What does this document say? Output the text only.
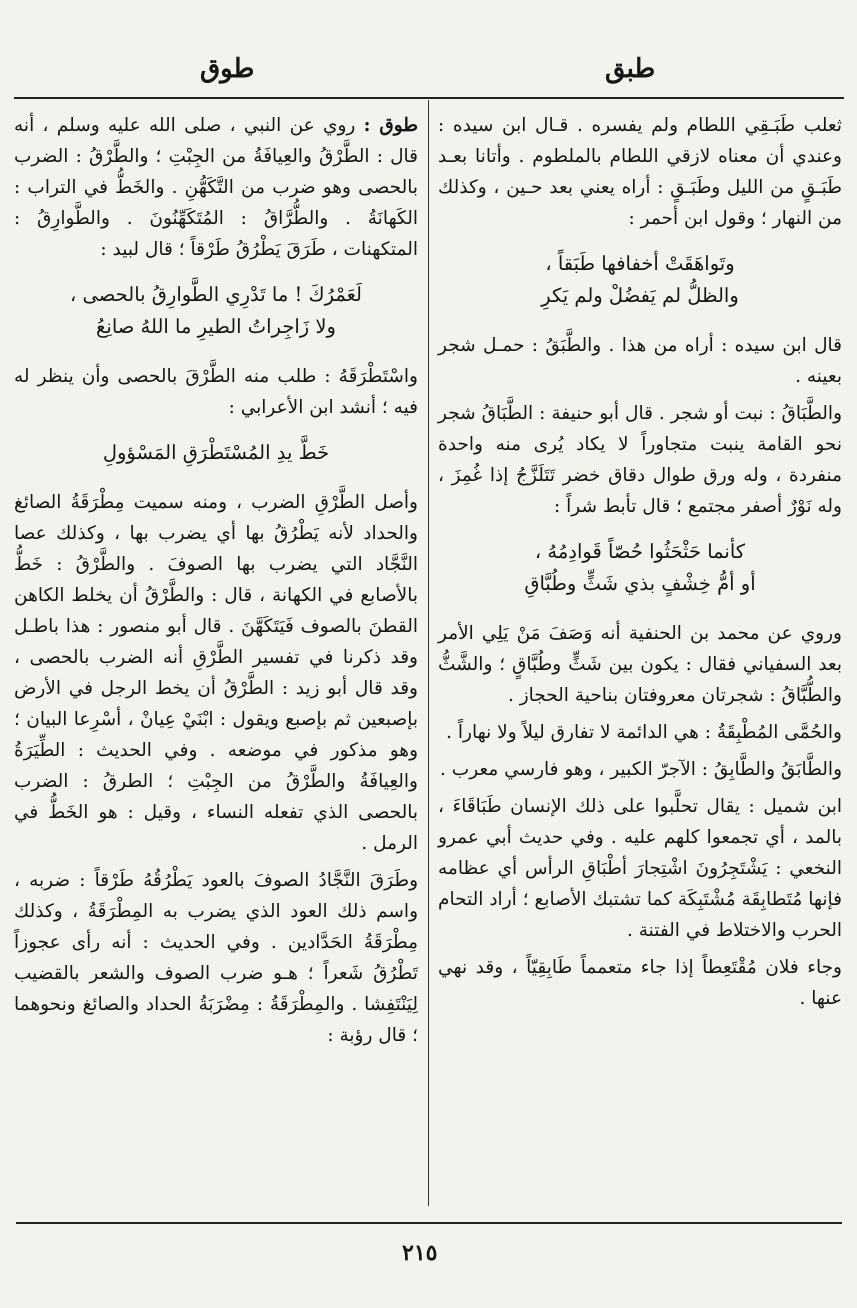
طبق
طوق

ثعلب طَبَـقِي اللطام ولم يفسره . قـال ابن سيده : وعندي أن معناه لازقي اللطام بالملطوم . وأتانا بعـد طَبَـقٍ من الليل وطَبَـقٍ : أراه يعني بعد حـين ، وكذلك من النهار ؛ وقول ابن أحمر :

وتَواهَقَتْ أخفافها طَبَقاً ،
والظلُّ لم يَفضُلْ ولم يَكرِ

قال ابن سيده : أراه من هذا . والطَّبَقُ : حمـل شجر بعينه .

والطَّبَاقُ : نبت أو شجر . قال أبو حنيفة : الطَّبَاقُ شجر نحو القامة ينبت متجاوراً لا يكاد يُرى منه واحدة منفردة ، وله ورق طوال دقاق خضر تَتَلَزَّجُ إذا غُمِزَ ، وله نَوْرٌ أصفر مجتمع ؛ قال تأبط شراً :

كأنما حَثْحَثُوا حُصّاً قَوادِمُهُ ،
أو أمُّ خِشْفٍ بذي شَثٍّ وطُبَّاقِ

وروي عن محمد بن الحنفية أنه وَصَفَ مَنْ يَلِي الأمر بعد السفياني فقال : يكون بين شَثٍّ وطُبَّاقٍ ؛ والشَّثُّ والطُّبَّاقُ : شجرتان معروفتان بناحية الحجاز .

والحُمَّى المُطْبِقَةُ : هي الدائمة لا تفارق ليلاً ولا نهاراً .

والطَّابَقُ والطَّابِقُ : الآجرّ الكبير ، وهو فارسي معرب .

ابن شميل : يقال تحلَّبوا على ذلك الإنسان طَبَاقَاءَ ، بالمد ، أي تجمعوا كلهم عليه . وفي حديث أبي عمرو النخعي : يَشْتَجِرُونَ اشْتِجارَ أطْبَاقِ الرأس أي عظامه فإنها مُتَطابِقَة مُشْتَبِكَة كما تشتبك الأصابع ؛ أراد التحام الحرب والاختلاط في الفتنة .

وجاء فلان مُقْتَعِطاً إذا جاء متعمماً طَابِقِيّاً ، وقد نهي عنها .

طوق : روي عن النبي ، صلى الله عليه وسلم ، أنه قال : الطَّرْقُ والعِيافَةُ من الجِبْتِ ؛ والطَّرْقُ : الضرب بالحصى وهو ضرب من التَّكَهُّنِ . والخَطُّ في التراب : الكَهانَةُ . والطُّرَّاقُ : المُتَكَهِّنُونَ . والطَّوارِقُ : المتكهنات ، طَرَقَ يَطْرُقُ طَرْقاً ؛ قال لبيد :

لَعَمْرُكَ ! ما تَدْرِي الطَّوارِقُ بالحصى ،
ولا زَاجِراتُ الطيرِ ما اللهُ صانِعُ

واسْتَطْرَقَهُ : طلب منه الطَّرْقَ بالحصى وأن ينظر له فيه ؛ أنشد ابن الأعرابي :

خَطَّ يدِ المُسْتَطْرَقِ المَسْؤولِ

وأصل الطَّرْقِ الضرب ، ومنه سميت مِطْرَقَةُ الصائغ والحداد لأنه يَطْرُقُ بها أي يضرب بها ، وكذلك عصا النَّجَّاد التي يضرب بها الصوفَ . والطَّرْقُ : خَطُّ بالأصابع في الكهانة ، قال : والطَّرْقُ أن يخلط الكاهن القطنَ بالصوف فَيَتَكَهَّنَ . قال أبو منصور : هذا باطـل وقد ذكرنا في تفسير الطَّرْقِ أنه الضرب بالحصى ، وقد قال أبو زيد : الطَّرْقُ أن يخط الرجل في الأرض بإصبعين ثم بإصبع ويقول : ابْنَيْ عِيانْ ، أسْرِعا البيان ؛ وهو مذكور في موضعه . وفي الحديث : الطِّيَرَةُ والعِيافَةُ والطَّرْقُ من الجِبْتِ ؛ الطرقُ : الضرب بالحصى الذي تفعله النساء ، وقيل : هو الخَطُّ في الرمل .

وطَرَقَ النَّجَّادُ الصوفَ بالعود يَطْرُقُهُ طَرْقاً : ضربه ، واسم ذلك العود الذي يضرب به المِطْرَقَةُ ، وكذلك مِطْرَقَةُ الحَدَّادين . وفي الحديث : أنه رأى عجوزاً تَطْرُقُ شَعراً ؛ هـو ضرب الصوف والشعر بالقضيب لِيَنْتَفِشا . والمِطْرَقَةُ : مِضْرَبَةُ الحداد والصائغ ونحوهما ؛ قال رؤبة :

٢١٥
